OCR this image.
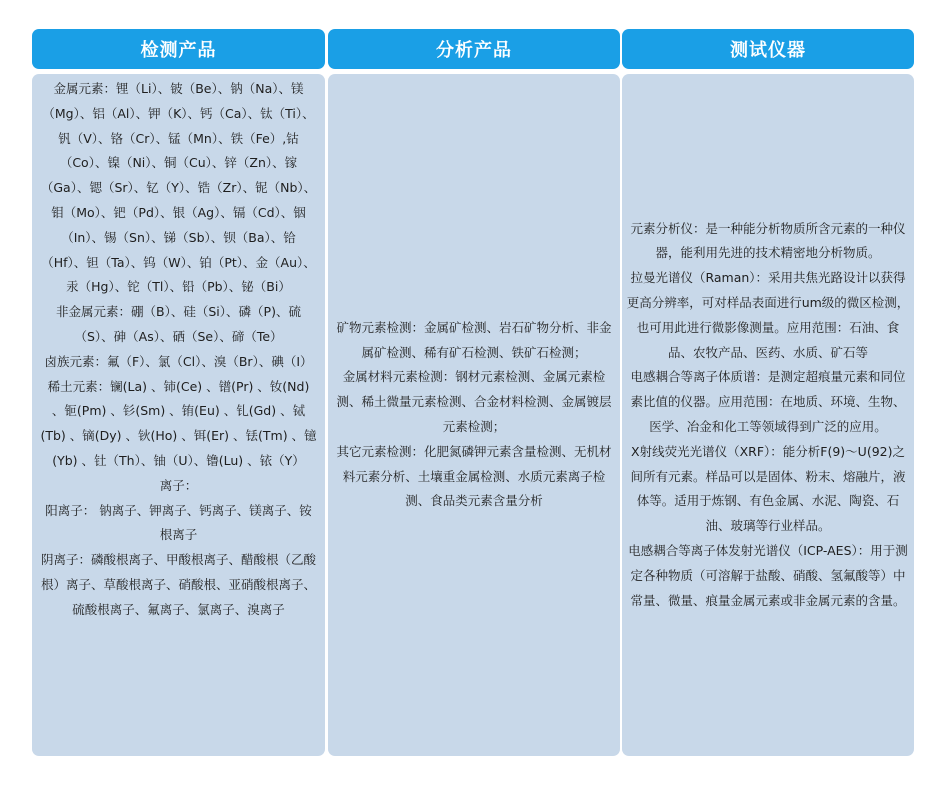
检测产品

金属元素：锂（Li）、铍（Be）、钠（Na）、镁（Mg）、铝（Al）、钾（K）、钙（Ca）、钛（Ti）、钒（V）、铬（Cr）、锰（Mn）、铁（Fe）,钴（Co）、镍（Ni）、铜（Cu）、锌（Zn）、镓（Ga）、锶（Sr）、钇（Y）、锆（Zr）、铌（Nb）、钼（Mo）、钯（Pd）、银（Ag）、镉（Cd）、铟（In）、锡（Sn）、锑（Sb）、钡（Ba）、铪（Hf）、钽（Ta）、钨（W）、铂（Pt）、金（Au）、汞（Hg）、铊（Tl）、铅（Pb）、铋（Bi）

非金属元素：硼（B）、硅（Si）、磷（P)、硫（S）、砷（As）、硒（Se）、碲（Te）

卤族元素：氟（F）、氯（Cl）、溴（Br）、碘（I）

稀土元素：镧(La) 、铈(Ce) 、镨(Pr) 、钕(Nd) 、钷(Pm) 、钐(Sm) 、铕(Eu) 、钆(Gd) 、铽(Tb) 、镝(Dy) 、钬(Ho) 、铒(Er) 、铥(Tm) 、镱(Yb) 、钍（Th）、铀（U）、镥(Lu) 、铱（Y）

离子：

阳离子： 钠离子、钾离子、钙离子、镁离子、铵根离子

阴离子：磷酸根离子、甲酸根离子、醋酸根（乙酸根）离子、草酸根离子、硝酸根、亚硝酸根离子、硫酸根离子、氟离子、氯离子、溴离子

分析产品

矿物元素检测：金属矿检测、岩石矿物分析、非金属矿检测、稀有矿石检测、铁矿石检测；

金属材料元素检测：钢材元素检测、金属元素检测、稀土微量元素检测、合金材料检测、金属镀层元素检测；

其它元素检测：化肥氮磷钾元素含量检测、无机材料元素分析、土壤重金属检测、水质元素离子检测、食品类元素含量分析

测试仪器

元素分析仪：是一种能分析物质所含元素的一种仪器，能利用先进的技术精密地分析物质。

拉曼光谱仪（Raman）：采用共焦光路设计以获得更高分辨率，可对样品表面进行um级的微区检测，也可用此进行微影像测量。应用范围：石油、食品、农牧产品、医药、水质、矿石等

电感耦合等离子体质谱：是测定超痕量元素和同位素比值的仪器。应用范围：在地质、环境、生物、医学、冶金和化工等领域得到广泛的应用。

X射线荧光光谱仪（XRF）：能分析F(9)～U(92)之间所有元素。样品可以是固体、粉末、熔融片，液体等。适用于炼钢、有色金属、水泥、陶瓷、石油、玻璃等行业样品。

电感耦合等离子体发射光谱仪（ICP-AES）：用于测定各种物质（可溶解于盐酸、硝酸、氢氟酸等）中常量、微量、痕量金属元素或非金属元素的含量。
